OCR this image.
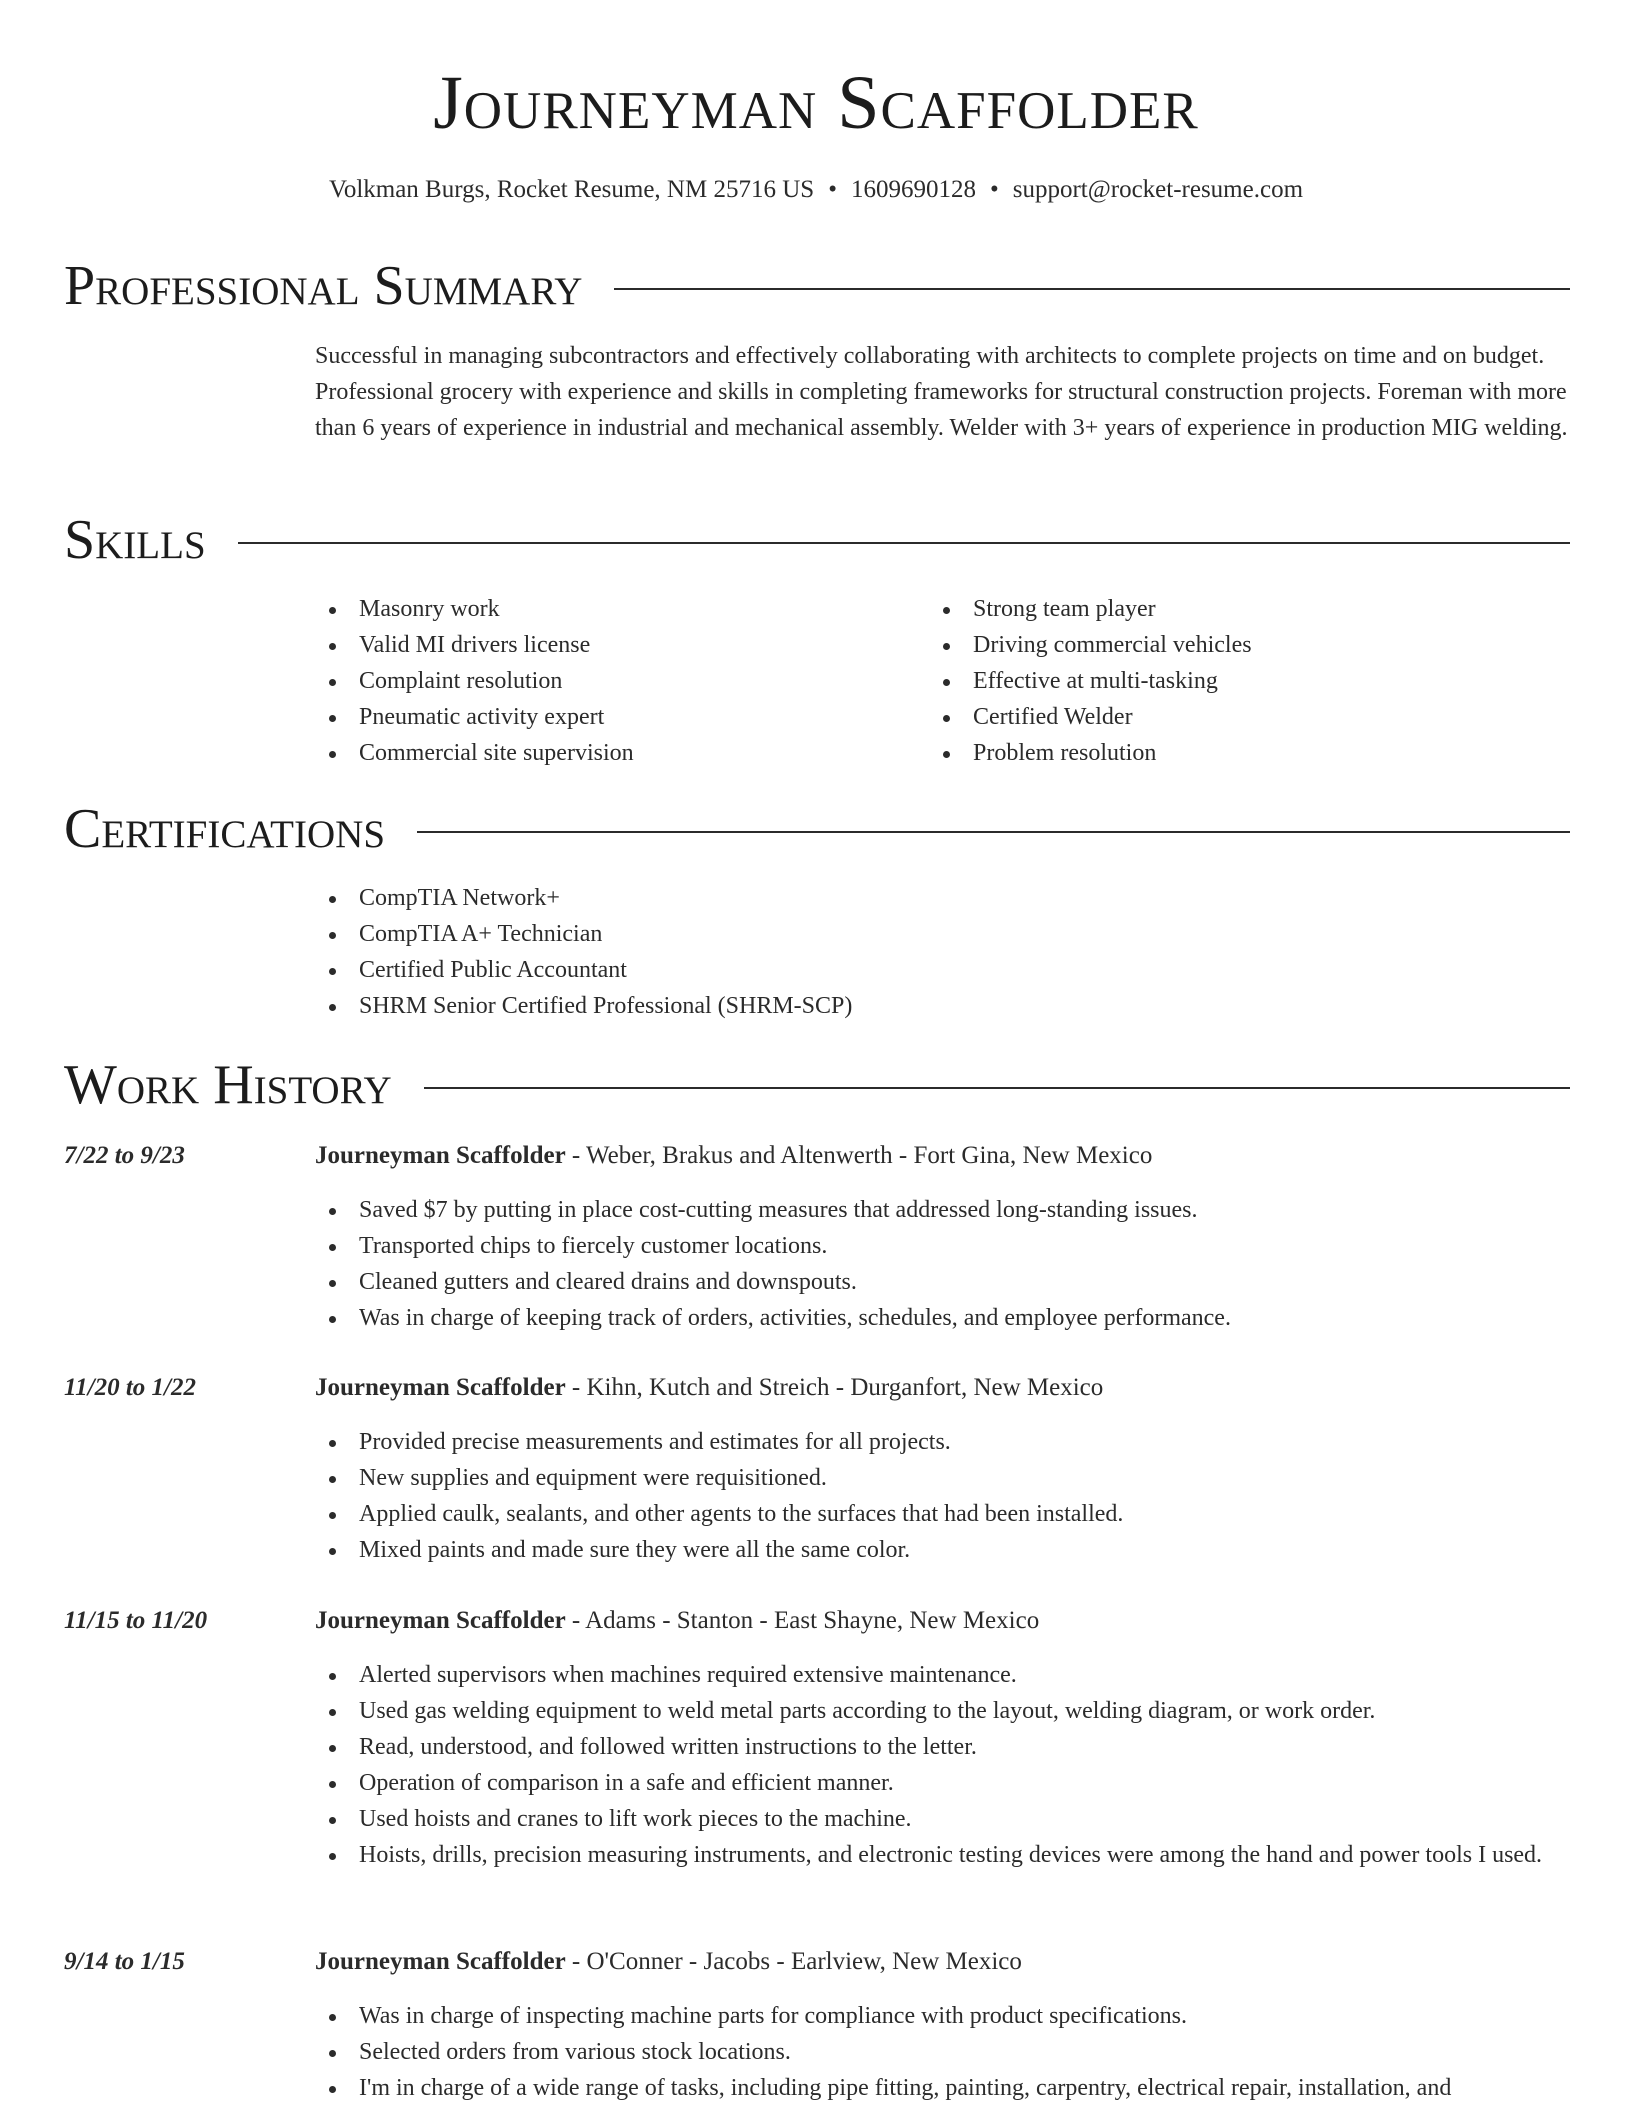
Journeyman Scaffolder
Volkman Burgs, Rocket Resume, NM 25716 US • 1609690128 • support@rocket-resume.com
Professional Summary
Successful in managing subcontractors and effectively collaborating with architects to complete projects on time and on budget. Professional grocery with experience and skills in completing frameworks for structural construction projects. Foreman with more than 6 years of experience in industrial and mechanical assembly. Welder with 3+ years of experience in production MIG welding.
Skills
Masonry work
Valid MI drivers license
Complaint resolution
Pneumatic activity expert
Commercial site supervision
Strong team player
Driving commercial vehicles
Effective at multi-tasking
Certified Welder
Problem resolution
Certifications
CompTIA Network+
CompTIA A+ Technician
Certified Public Accountant
SHRM Senior Certified Professional (SHRM-SCP)
Work History
7/22 to 9/23	Journeyman Scaffolder - Weber, Brakus and Altenwerth - Fort Gina, New Mexico
Saved $7 by putting in place cost-cutting measures that addressed long-standing issues.
Transported chips to fiercely customer locations.
Cleaned gutters and cleared drains and downspouts.
Was in charge of keeping track of orders, activities, schedules, and employee performance.
11/20 to 1/22	Journeyman Scaffolder - Kihn, Kutch and Streich - Durganfort, New Mexico
Provided precise measurements and estimates for all projects.
New supplies and equipment were requisitioned.
Applied caulk, sealants, and other agents to the surfaces that had been installed.
Mixed paints and made sure they were all the same color.
11/15 to 11/20	Journeyman Scaffolder - Adams - Stanton - East Shayne, New Mexico
Alerted supervisors when machines required extensive maintenance.
Used gas welding equipment to weld metal parts according to the layout, welding diagram, or work order.
Read, understood, and followed written instructions to the letter.
Operation of comparison in a safe and efficient manner.
Used hoists and cranes to lift work pieces to the machine.
Hoists, drills, precision measuring instruments, and electronic testing devices were among the hand and power tools I used.
9/14 to 1/15	Journeyman Scaffolder - O'Conner - Jacobs - Earlview, New Mexico
Was in charge of inspecting machine parts for compliance with product specifications.
Selected orders from various stock locations.
I'm in charge of a wide range of tasks, including pipe fitting, painting, carpentry, electrical repair, installation, and
